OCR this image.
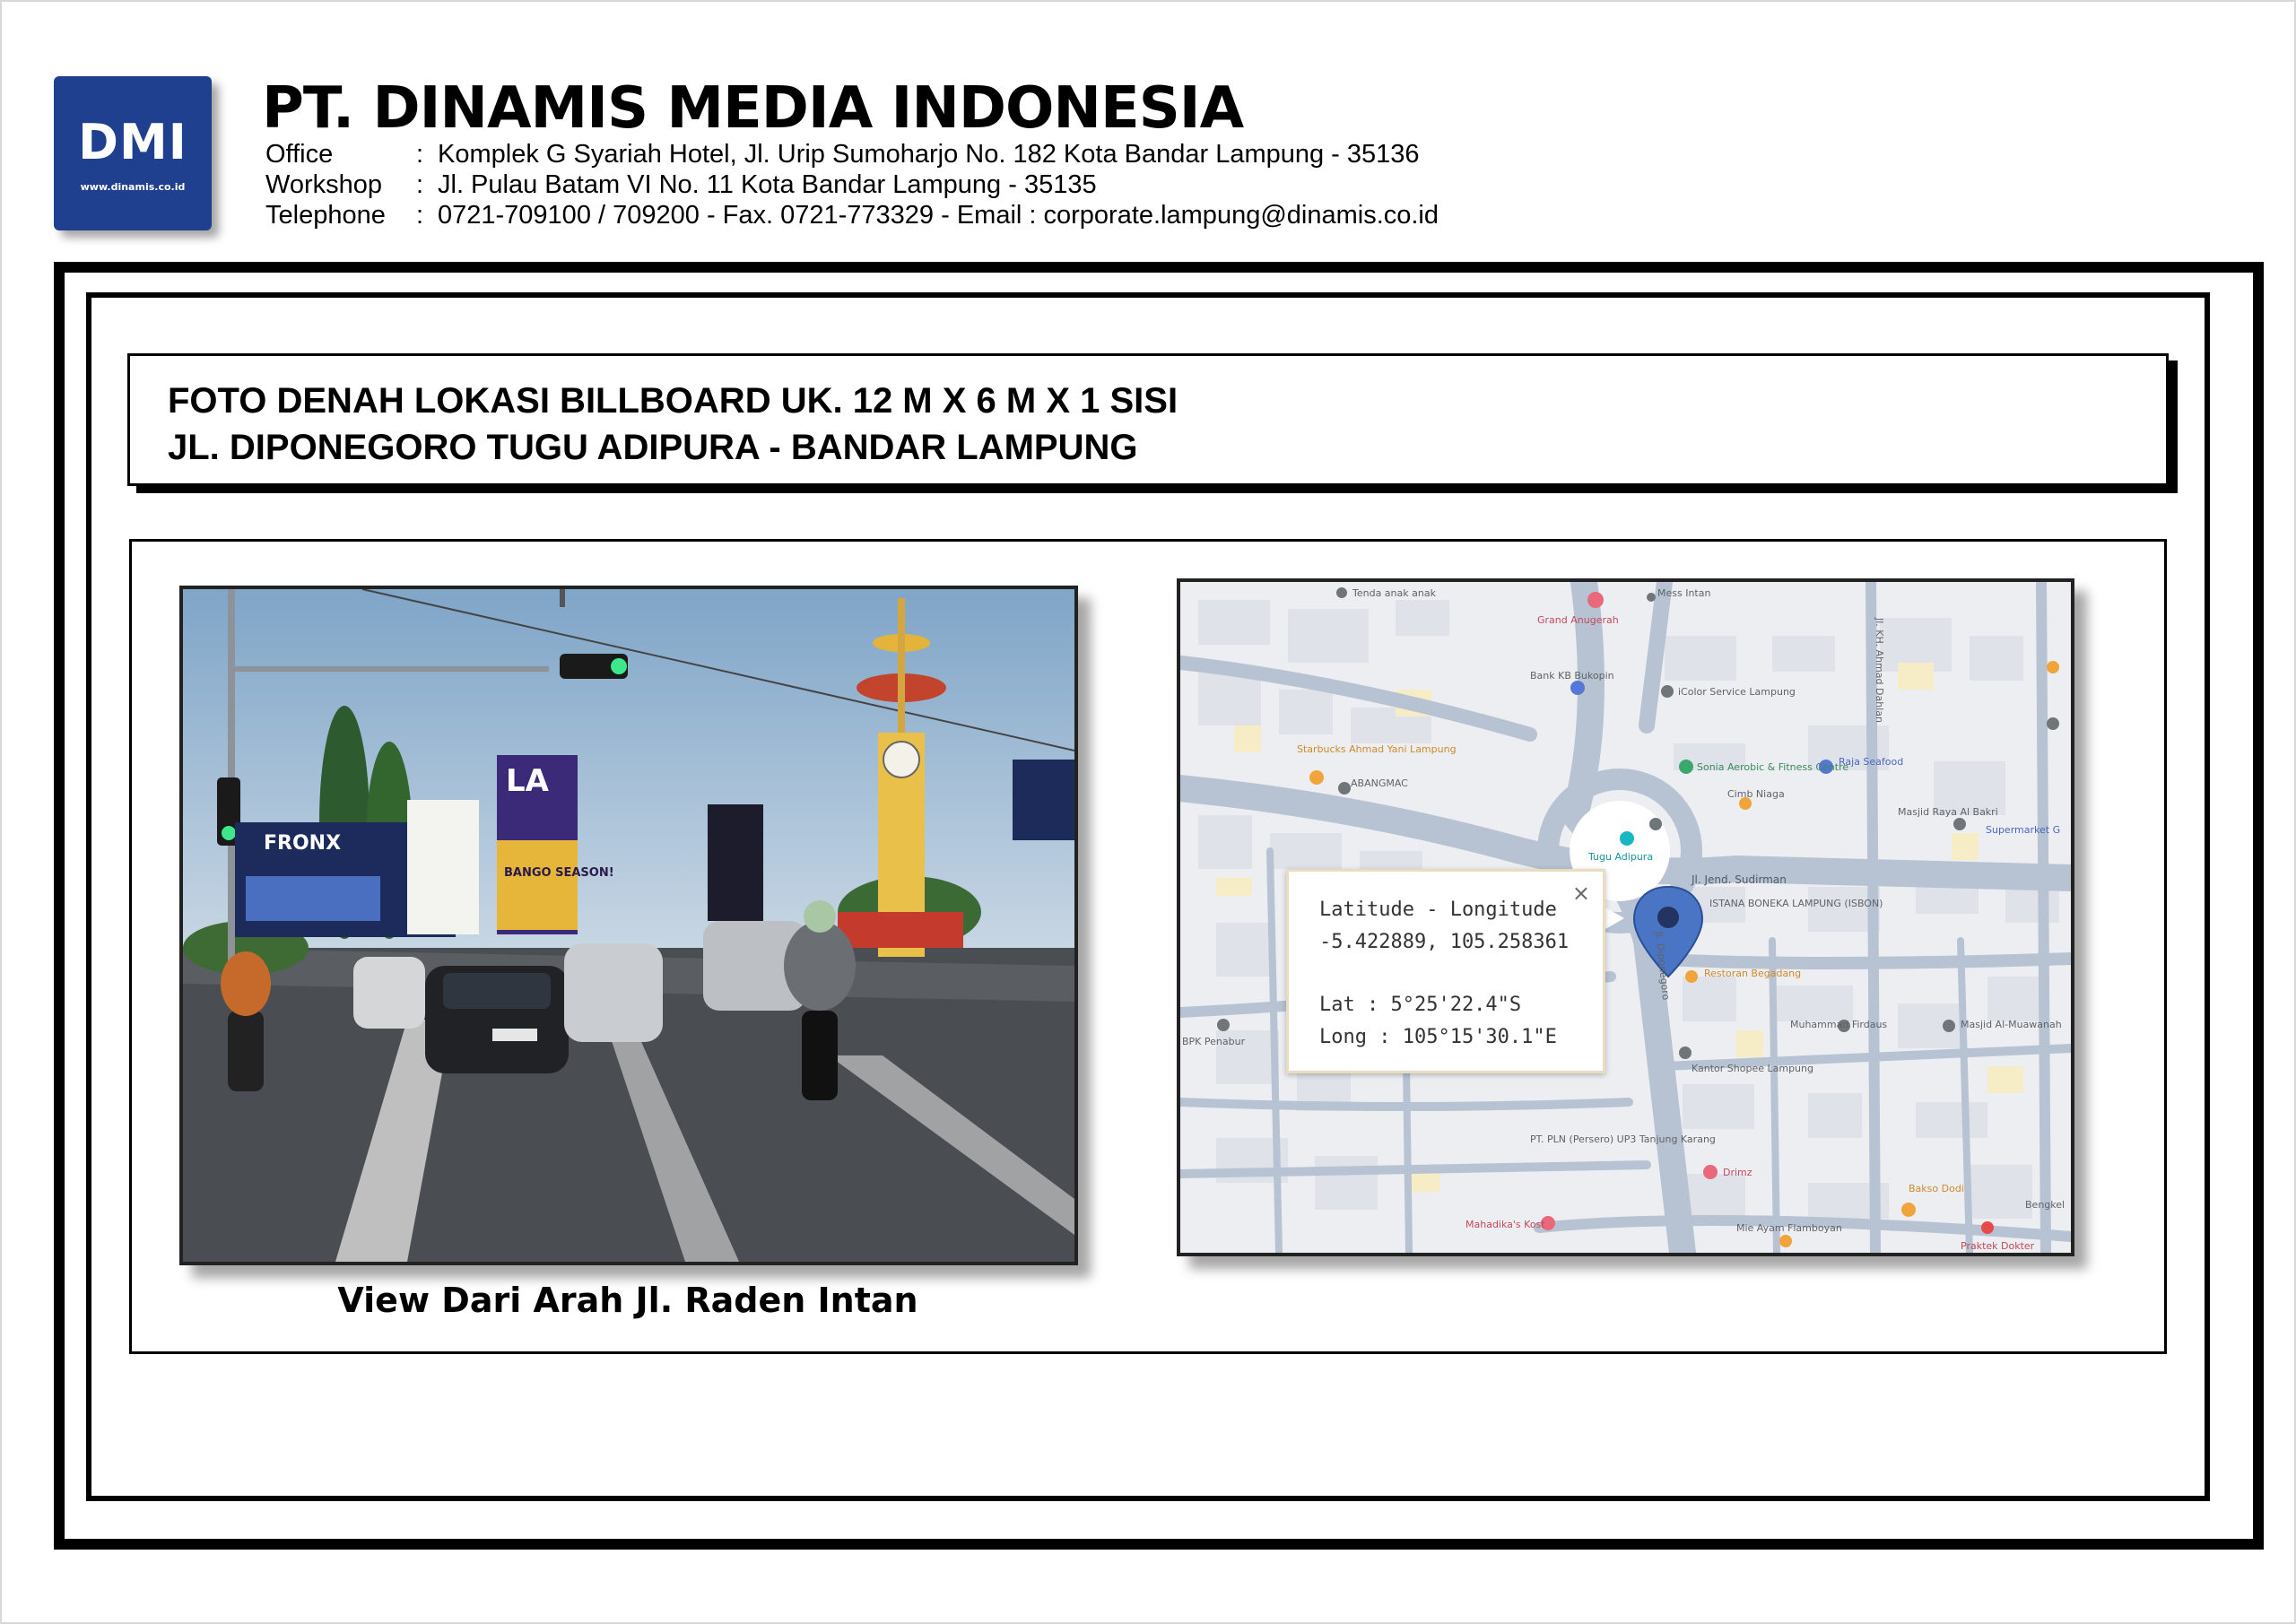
DMI
www.dinamis.co.id
PT. DINAMIS MEDIA INDONESIA
Office	: Komplek G Syariah Hotel, Jl. Urip Sumoharjo No. 182 Kota Bandar Lampung - 35136
Workshop : Jl. Pulau Batam VI No. 11 Kota Bandar Lampung - 35135
Telephone : 0721-709100 / 709200 - Fax. 0721-773329 - Email : corporate.lampung@dinamis.co.id
FOTO DENAH LOKASI BILLBOARD UK. 12 M X 6 M X 1 SISI
JL. DIPONEGORO TUGU ADIPURA - BANDAR LAMPUNG
FRONX
LA
BANGO SEASON!
View Dari Arah Jl. Raden Intan
Tenda anak anak	Mess Intan
Grand Anugerah
Bank KB Bukopin
iColor Service Lampung
Starbucks Ahmad Yani Lampung
ABANGMAC
Sonia Aerobic & Fitness Centre
Raja Seafood
Cimb Niaga
Masjid Raya Al Bakri
Supermarket G
Tugu Adipura
Jl. Jend. Sudirman
ISTANA BONEKA LAMPUNG (ISBON)
Restoran Begadang
BPK Penabur
Muhammad Firdaus	Masjid Al-Muawanah
Kantor Shopee Lampung
PT. PLN (Persero) UP3 Tanjung Karang
Drimz
Bakso Dodi
Mahadika's Kost	Mie Ayam Flamboyan
Praktek Dokter
Bengkel
Jl. Diponegoro
Jl. KH. Ahmad Dahlan
×
Latitude - Longitude
-5.422889, 105.258361
Lat : 5°25'22.4"S
Long : 105°15'30.1"E
